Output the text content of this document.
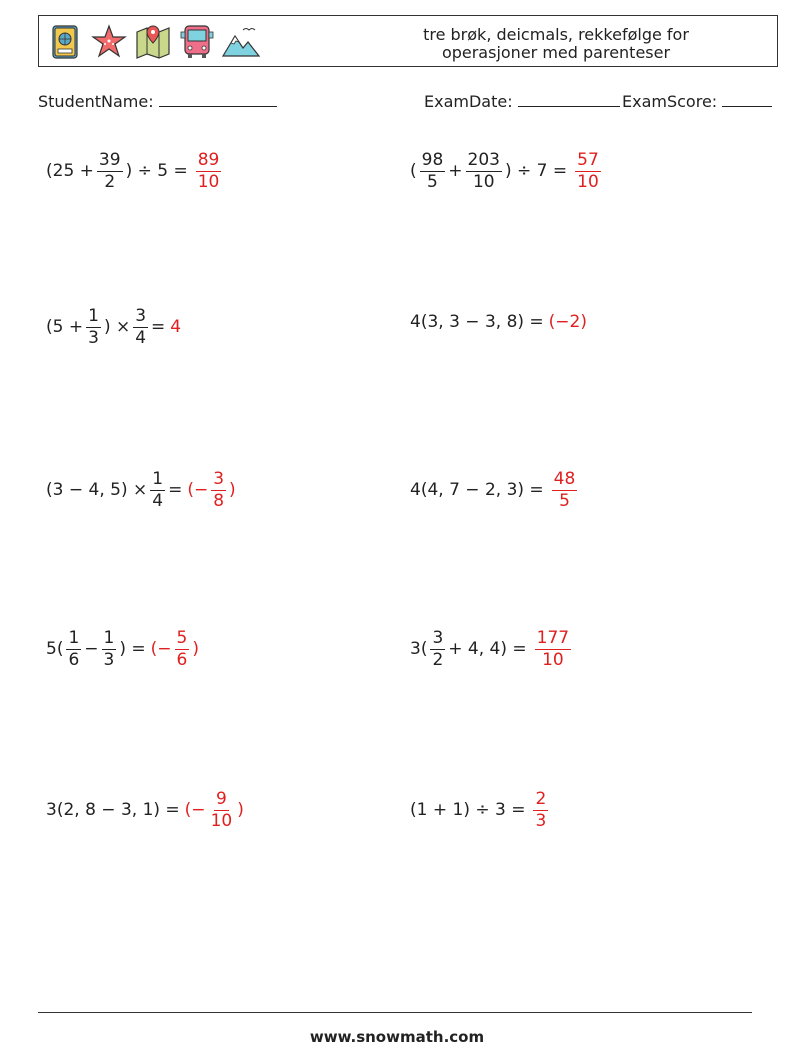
tre brøk, deicmals, rekkefølge for
operasjoner med parenteser
StudentName:	ExamDate:	ExamScore:
($25 + \frac{39}{2}$ ) ÷ $5 = \frac{89}{10}$	( $\frac{98}{5} + \frac{203}{10}$ ) ÷ $7 = \frac{57}{10}$
($5 + \frac{1}{3}$ ) × $\frac{3}{4} = 4$	4(3, 3 − 3, 8) = (−2)
(3 − 4, $5) \times \frac{1}{4}$ = (− $\frac{3}{8}$ )	4(4, 7 − 2, $3) = \frac{48}{5}$
$5( \frac{1}{6} - \frac{1}{3}$ ) = (− $\frac{5}{6}$ )	$3( \frac{3}{2} + 4$, $4) = \frac{177}{10}$
3(2, 8 − 3, 1) = (− $\frac{9}{10}$ )	$(1 + 1) \div 3 = \frac{2}{3}$
www.snowmath.com
